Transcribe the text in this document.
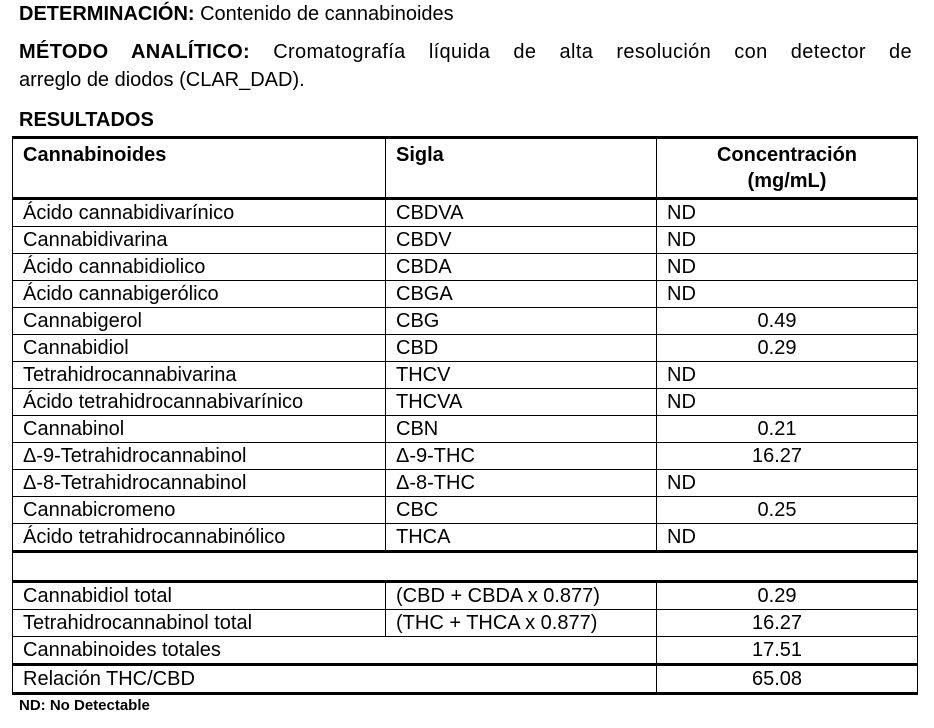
DETERMINACIÓN: Contenido de cannabinoides
MÉTODO ANALÍTICO: Cromatografía líquida de alta resolución con detector de
arreglo de diodos (CLAR_DAD).
RESULTADOS
Cannabinoides	Sigla	Concentración
(mg/mL)
Ácido cannabidivarínico	CBDVA	ND
Cannabidivarina	CBDV	ND
Ácido cannabidiolico	CBDA	ND
Ácido cannabigerólico	CBGA	ND
Cannabigerol	CBG	0.49
Cannabidiol	CBD	0.29
Tetrahidrocannabivarina	THCV	ND
Ácido tetrahidrocannabivarínico	THCVA	ND
Cannabinol	CBN	0.21
Δ-9-Tetrahidrocannabinol	Δ-9-THC	16.27
Δ-8-Tetrahidrocannabinol	Δ-8-THC	ND
Cannabicromeno	CBC	0.25
Ácido tetrahidrocannabinólico	THCA	ND

Cannabidiol total	(CBD + CBDA x 0.877)	0.29
Tetrahidrocannabinol total	(THC + THCA x 0.877)	16.27
Cannabinoides totales		17.51
Relación THC/CBD		65.08
ND: No Detectable
